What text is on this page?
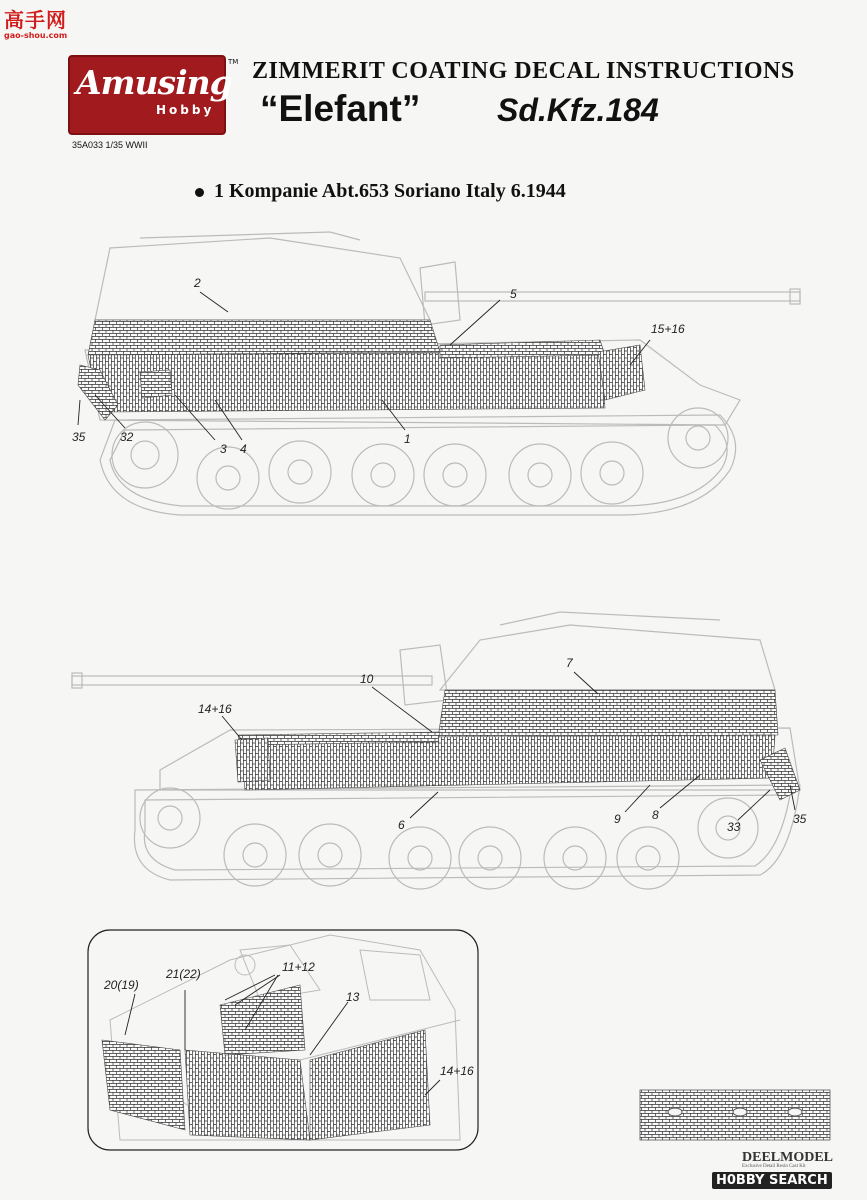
高手网
gao-shou.com
Amusing
Hobby
TM
35A033 1/35 WWII
ZIMMERIT COATING DECAL INSTRUCTIONS
“Elefant” Sd.Kfz.184
1 Kompanie Abt.653 Soriano Italy 6.1944
2
5
15+16
35	32
3 4
1
7
10
14+16
6	9	8
33
35
20(19)
21(22)	11+12
13
14+16
DEELMODEL
Exclusive Detail Resin Cast Kit
H0BBY SEARCH
